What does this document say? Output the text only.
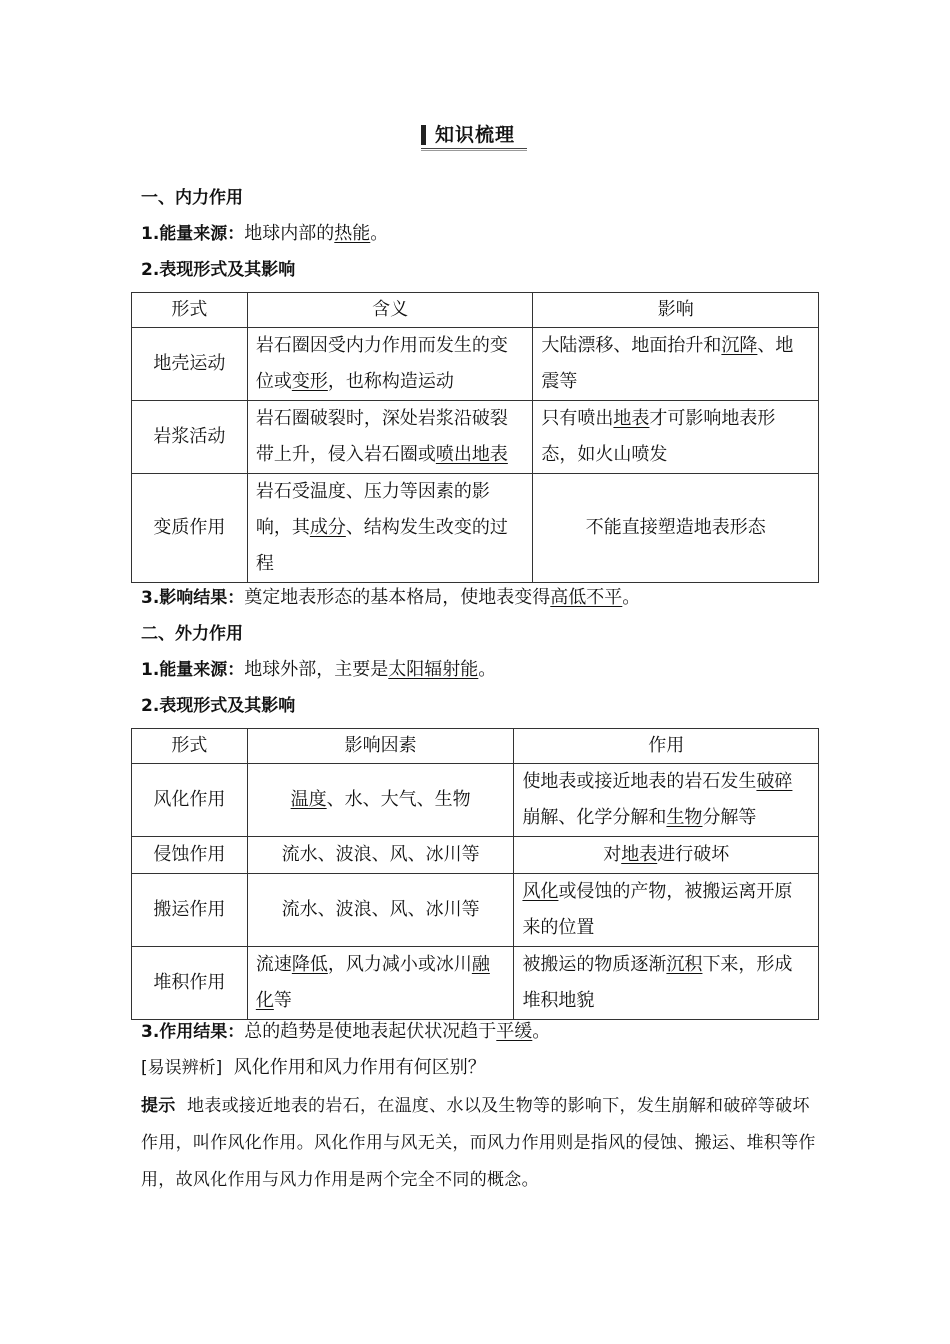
知识梳理
一、内力作用
1.能量来源：地球内部的热能。
2.表现形式及其影响
形式	含义	影响
地壳运动	岩石圈因受内力作用而发生的变位或变形，也称构造运动	大陆漂移、地面抬升和沉降、地震等
岩浆活动	岩石圈破裂时，深处岩浆沿破裂带上升，侵入岩石圈或喷出地表	只有喷出地表才可影响地表形态，如火山喷发
变质作用	岩石受温度、压力等因素的影响，其成分、结构发生改变的过程	不能直接塑造地表形态
3.影响结果：奠定地表形态的基本格局，使地表变得高低不平。
二、外力作用
1.能量来源：地球外部，主要是太阳辐射能。
2.表现形式及其影响
形式	影响因素	作用
风化作用	温度、水、大气、生物	使地表或接近地表的岩石发生破碎崩解、化学分解和生物分解等
侵蚀作用	流水、波浪、风、冰川等	对地表进行破坏
搬运作用	流水、波浪、风、冰川等	风化或侵蚀的产物，被搬运离开原来的位置
堆积作用	流速降低，风力减小或冰川融化等	被搬运的物质逐渐沉积下来，形成堆积地貌
3.作用结果：总的趋势是使地表起伏状况趋于平缓。
[易误辨析] 风化作用和风力作用有何区别？
提示 地表或接近地表的岩石，在温度、水以及生物等的影响下，发生崩解和破碎等破坏作用，叫作风化作用。风化作用与风无关，而风力作用则是指风的侵蚀、搬运、堆积等作用，故风化作用与风力作用是两个完全不同的概念。
